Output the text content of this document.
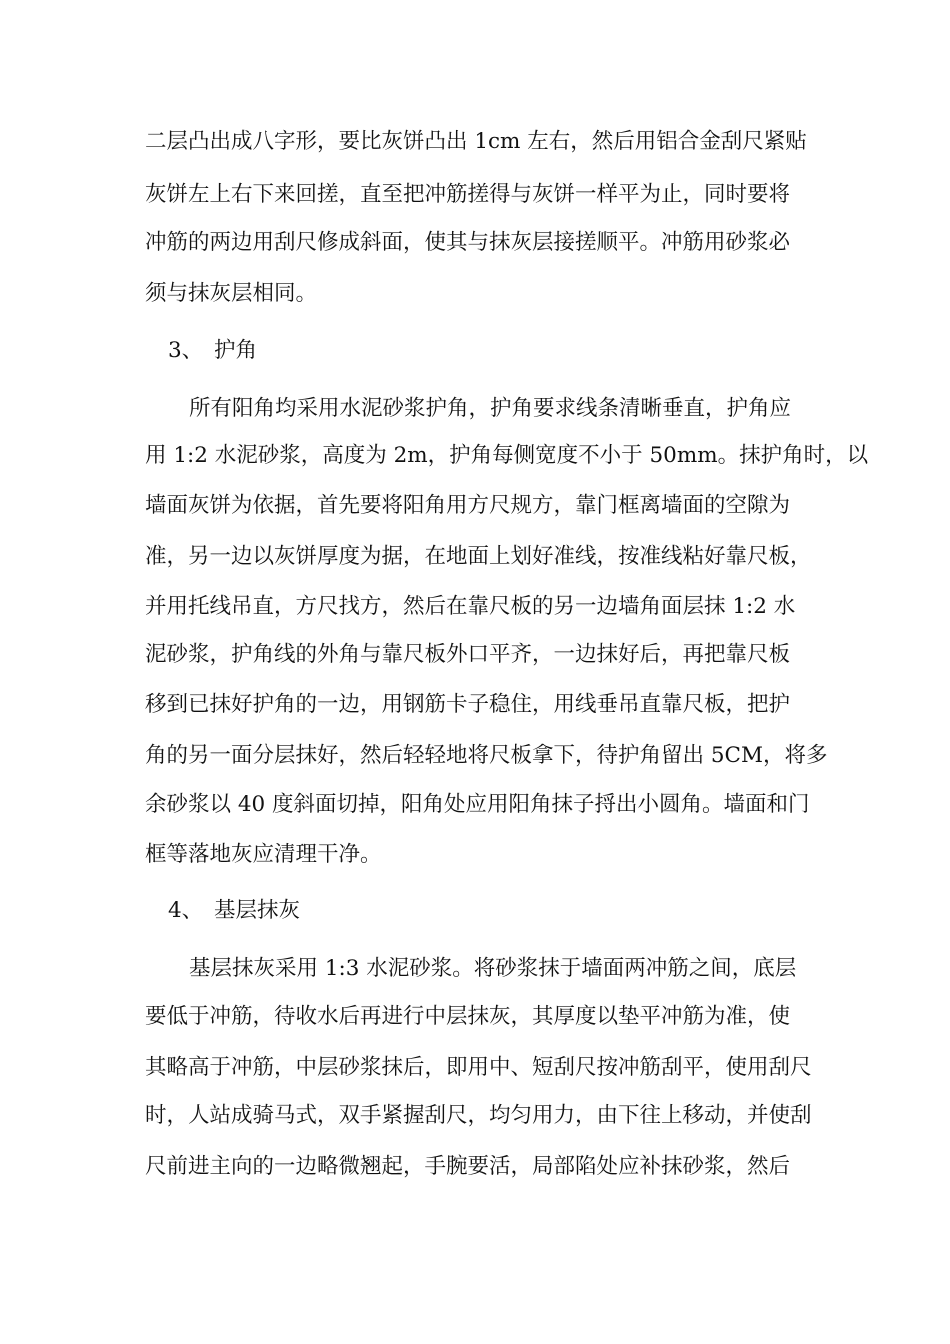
二层凸出成八字形，要比灰饼凸出 1cm 左右，然后用铝合金刮尺紧贴
灰饼左上右下来回搓，直至把冲筋搓得与灰饼一样平为止，同时要将
冲筋的两边用刮尺修成斜面，使其与抹灰层接搓顺平。冲筋用砂浆必
须与抹灰层相同。
3、 护角
所有阳角均采用水泥砂浆护角，护角要求线条清晰垂直，护角应
用 1:2 水泥砂浆，高度为 2m，护角每侧宽度不小于 50mm。抹护角时，以
墙面灰饼为依据，首先要将阳角用方尺规方，靠门框离墙面的空隙为
准，另一边以灰饼厚度为据，在地面上划好准线，按准线粘好靠尺板，
并用托线吊直，方尺找方，然后在靠尺板的另一边墙角面层抹 1:2 水
泥砂浆，护角线的外角与靠尺板外口平齐，一边抹好后，再把靠尺板
移到已抹好护角的一边，用钢筋卡子稳住，用线垂吊直靠尺板，把护
角的另一面分层抹好，然后轻轻地将尺板拿下，待护角留出 5CM，将多
余砂浆以 40 度斜面切掉，阳角处应用阳角抹子捋出小圆角。墙面和门
框等落地灰应清理干净。
4、 基层抹灰
基层抹灰采用 1:3 水泥砂浆。将砂浆抹于墙面两冲筋之间，底层
要低于冲筋，待收水后再进行中层抹灰，其厚度以垫平冲筋为准，使
其略高于冲筋，中层砂浆抹后，即用中、短刮尺按冲筋刮平，使用刮尺
时，人站成骑马式，双手紧握刮尺，均匀用力，由下往上移动，并使刮
尺前进主向的一边略微翘起，手腕要活，局部陷处应补抹砂浆，然后
